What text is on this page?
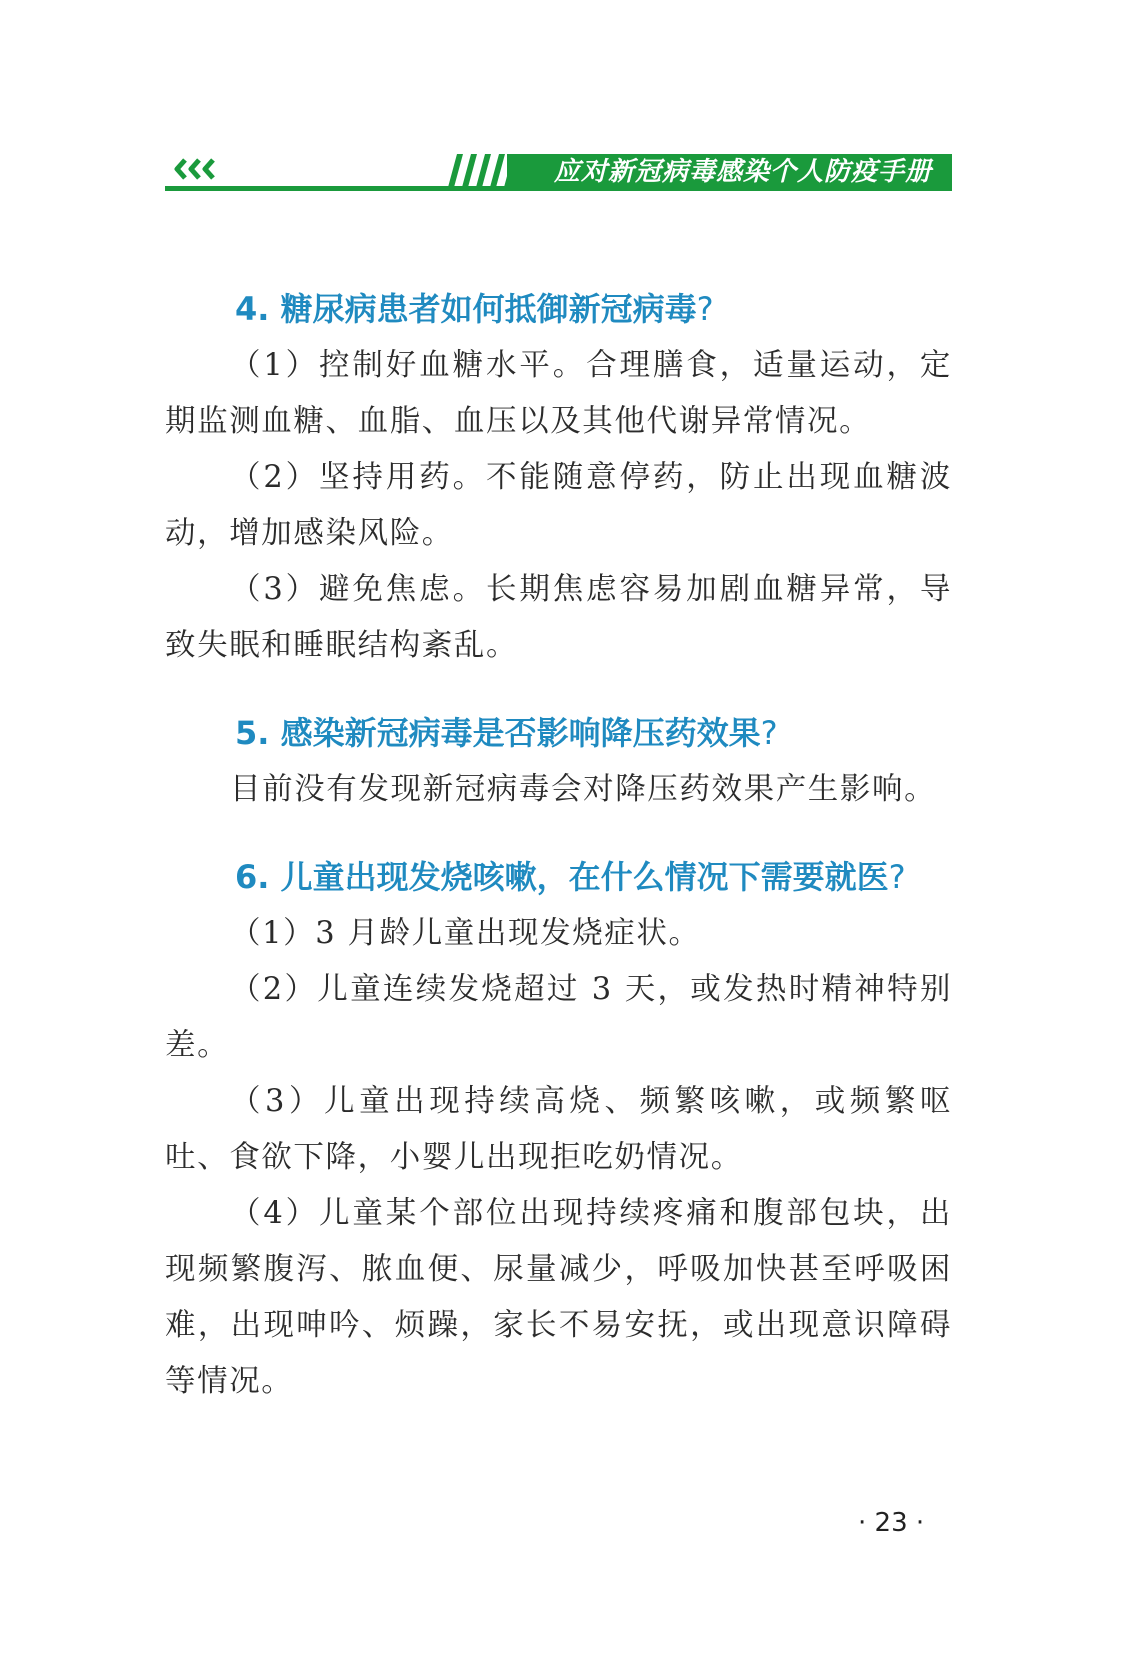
应对新冠病毒感染个人防疫手册
4. 糖尿病患者如何抵御新冠病毒?

（1）控制好血糖水平。合理膳食，适量运动，定期监测血糖、血脂、血压以及其他代谢异常情况。

（2）坚持用药。不能随意停药，防止出现血糖波动，增加感染风险。

（3）避免焦虑。长期焦虑容易加剧血糖异常，导致失眠和睡眠结构紊乱。

5. 感染新冠病毒是否影响降压药效果?

目前没有发现新冠病毒会对降压药效果产生影响。

6. 儿童出现发烧咳嗽，在什么情况下需要就医?

（1）3 月龄儿童出现发烧症状。

（2）儿童连续发烧超过 3 天，或发热时精神特别差。

（3）儿童出现持续高烧、频繁咳嗽，或频繁呕吐、食欲下降，小婴儿出现拒吃奶情况。

（4）儿童某个部位出现持续疼痛和腹部包块，出现频繁腹泻、脓血便、尿量减少，呼吸加快甚至呼吸困难，出现呻吟、烦躁，家长不易安抚，或出现意识障碍等情况。

· 23 ·
